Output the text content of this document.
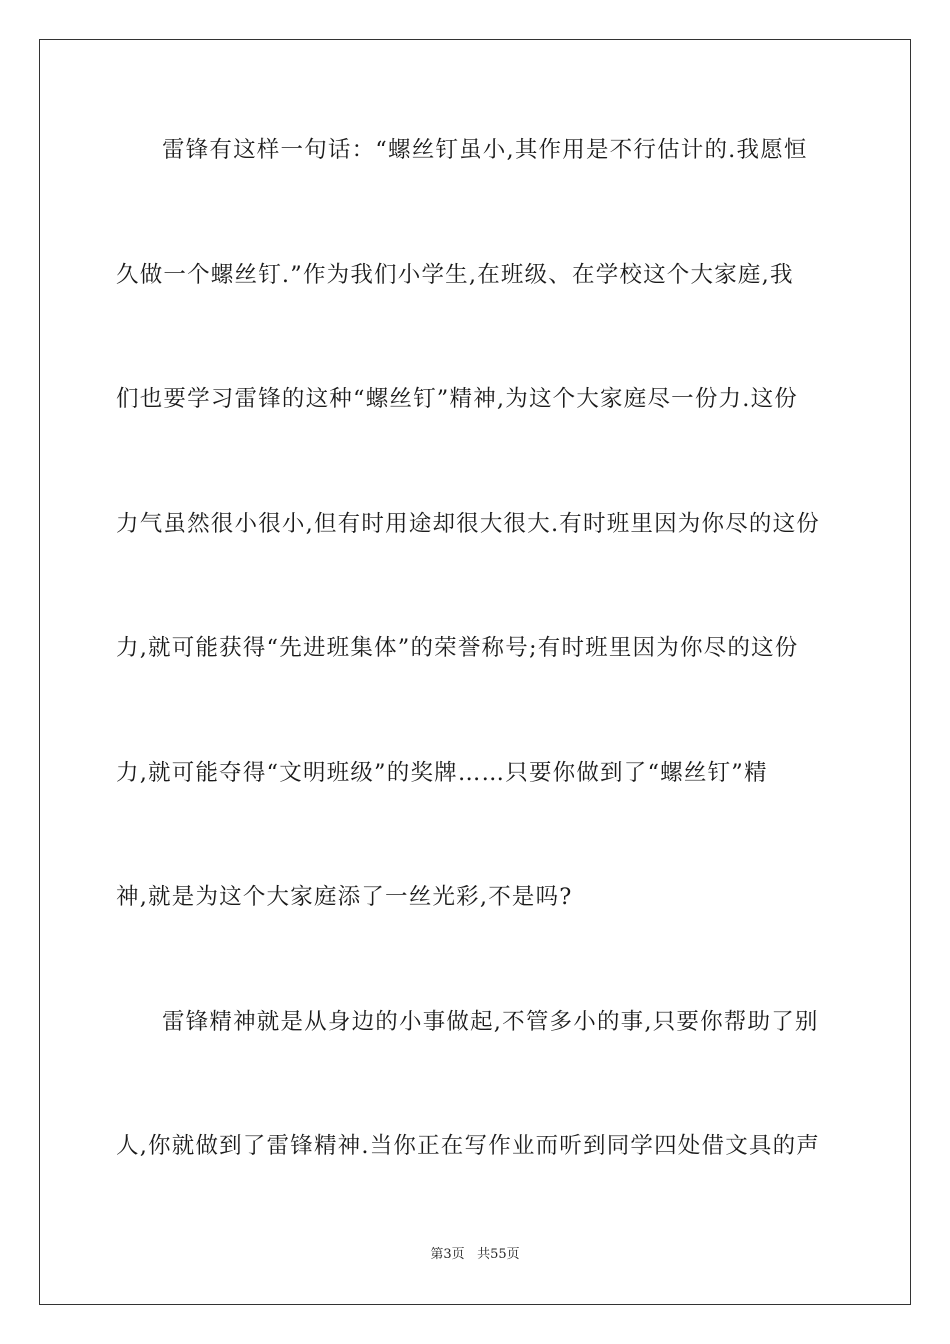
雷锋有这样一句话：“螺丝钉虽小,其作用是不行估计的.我愿恒
久做一个螺丝钉.”作为我们小学生,在班级、在学校这个大家庭,我
们也要学习雷锋的这种“螺丝钉”精神,为这个大家庭尽一份力.这份
力气虽然很小很小,但有时用途却很大很大.有时班里因为你尽的这份
力,就可能获得“先进班集体”的荣誉称号;有时班里因为你尽的这份
力,就可能夺得“文明班级”的奖牌……只要你做到了“螺丝钉”精
神,就是为这个大家庭添了一丝光彩,不是吗?
雷锋精神就是从身边的小事做起,不管多小的事,只要你帮助了别
人,你就做到了雷锋精神.当你正在写作业而听到同学四处借文具的声
第3页 共55页
